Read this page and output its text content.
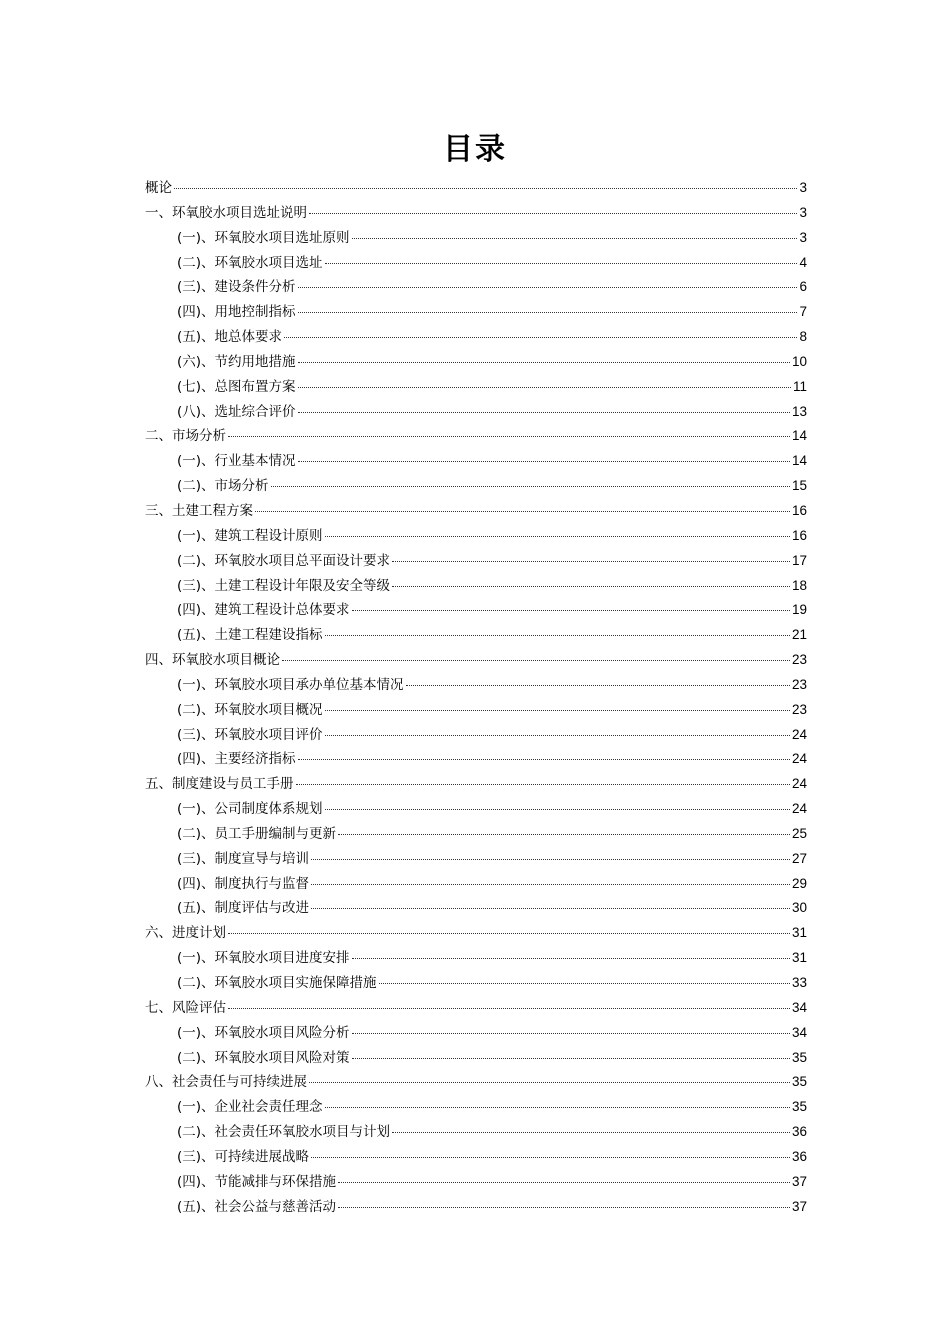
目录
概论	3
一、环氧胶水项目选址说明	3
(一)、环氧胶水项目选址原则	3
(二)、环氧胶水项目选址	4
(三)、建设条件分析	6
(四)、用地控制指标	7
(五)、地总体要求	8
(六)、节约用地措施	10
(七)、总图布置方案	11
(八)、选址综合评价	13
二、市场分析	14
(一)、行业基本情况	14
(二)、市场分析	15
三、土建工程方案	16
(一)、建筑工程设计原则	16
(二)、环氧胶水项目总平面设计要求	17
(三)、土建工程设计年限及安全等级	18
(四)、建筑工程设计总体要求	19
(五)、土建工程建设指标	21
四、环氧胶水项目概论	23
(一)、环氧胶水项目承办单位基本情况	23
(二)、环氧胶水项目概况	23
(三)、环氧胶水项目评价	24
(四)、主要经济指标	24
五、制度建设与员工手册	24
(一)、公司制度体系规划	24
(二)、员工手册编制与更新	25
(三)、制度宣导与培训	27
(四)、制度执行与监督	29
(五)、制度评估与改进	30
六、进度计划	31
(一)、环氧胶水项目进度安排	31
(二)、环氧胶水项目实施保障措施	33
七、风险评估	34
(一)、环氧胶水项目风险分析	34
(二)、环氧胶水项目风险对策	35
八、社会责任与可持续进展	35
(一)、企业社会责任理念	35
(二)、社会责任环氧胶水项目与计划	36
(三)、可持续进展战略	36
(四)、节能减排与环保措施	37
(五)、社会公益与慈善活动	37
